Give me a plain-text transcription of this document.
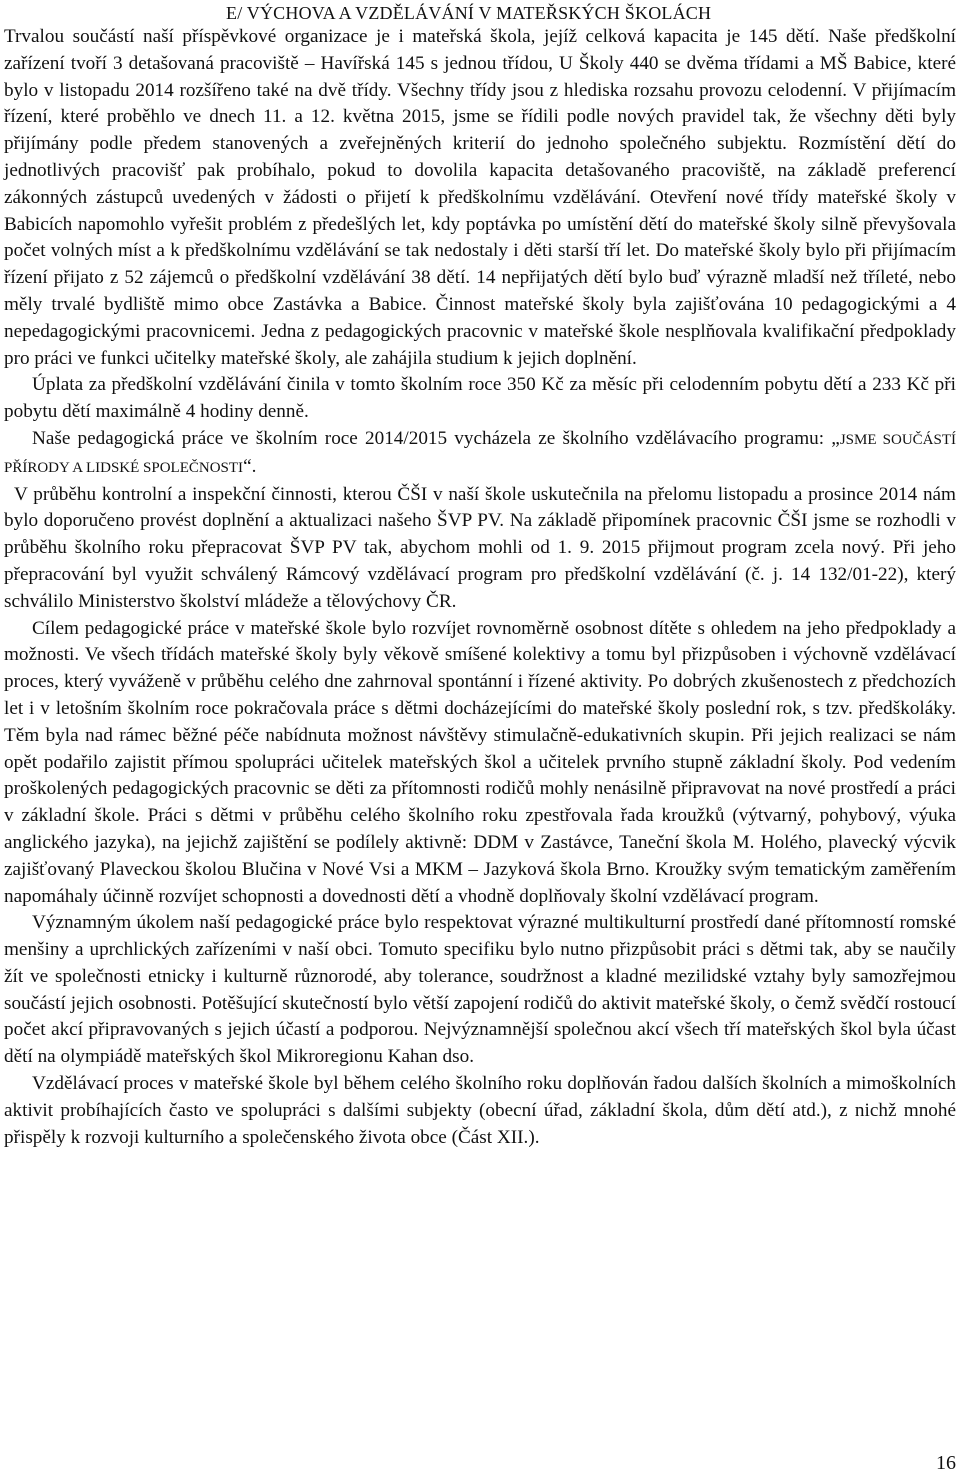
E/ VÝCHOVA A VZDĚLÁVÁNÍ V MATEŘSKÝCH ŠKOLÁCH

Trvalou součástí naší příspěvkové organizace je i mateřská škola, jejíž celková kapacita je 145 dětí. Naše předškolní zařízení tvoří 3 detašovaná pracoviště – Havířská 145 s jednou třídou, U Školy 440 se dvěma třídami a MŠ Babice, které bylo v listopadu 2014 rozšířeno také na dvě třídy. Všechny třídy jsou z hlediska rozsahu provozu celodenní. V přijímacím řízení, které proběhlo ve dnech 11. a 12. května 2015, jsme se řídili podle nových pravidel tak, že všechny děti byly přijímány podle předem stanovených a zveřejněných kriterií do jednoho společného subjektu. Rozmístění dětí do jednotlivých pracovišť pak probíhalo, pokud to dovolila kapacita detašovaného pracoviště, na základě preferencí zákonných zástupců uvedených v žádosti o přijetí k předškolnímu vzdělávání. Otevření nové třídy mateřské školy v Babicích napomohlo vyřešit problém z předešlých let, kdy poptávka po umístění dětí do mateřské školy silně převyšovala počet volných míst a k předškolnímu vzdělávání se tak nedostaly i děti starší tří let. Do mateřské školy bylo při přijímacím řízení přijato z 52 zájemců o předškolní vzdělávání 38 dětí. 14 nepřijatých dětí bylo buď výrazně mladší než tříleté, nebo měly trvalé bydliště mimo obce Zastávka a Babice. Činnost mateřské školy byla zajišťována 10 pedagogickými a 4 nepedagogickými pracovnicemi. Jedna z pedagogických pracovnic v mateřské škole nesplňovala kvalifikační předpoklady pro práci ve funkci učitelky mateřské školy, ale zahájila studium k jejich doplnění.

Úplata za předškolní vzdělávání činila v tomto školním roce 350 Kč za měsíc při celodenním pobytu dětí a 233 Kč při pobytu dětí maximálně 4 hodiny denně.

Naše pedagogická práce ve školním roce 2014/2015 vycházela ze školního vzdělávacího programu: „JSME SOUČÁSTÍ PŘÍRODY A LIDSKÉ SPOLEČNOSTI“.

V průběhu kontrolní a inspekční činnosti, kterou ČŠI v naší škole uskutečnila na přelomu listopadu a prosince 2014 nám bylo doporučeno provést doplnění a aktualizaci našeho ŠVP PV. Na základě připomínek pracovnic ČŠI jsme se rozhodli v průběhu školního roku přepracovat ŠVP PV tak, abychom mohli od 1. 9. 2015 přijmout program zcela nový. Při jeho přepracování byl využit schválený Rámcový vzdělávací program pro předškolní vzdělávání (č. j. 14 132/01-22), který schválilo Ministerstvo školství mládeže a tělovýchovy ČR.

Cílem pedagogické práce v mateřské škole bylo rozvíjet rovnoměrně osobnost dítěte s ohledem na jeho předpoklady a možnosti. Ve všech třídách mateřské školy byly věkově smíšené kolektivy a tomu byl přizpůsoben i výchovně vzdělávací proces, který vyváženě v průběhu celého dne zahrnoval spontánní i řízené aktivity. Po dobrých zkušenostech z předchozích let i v letošním školním roce pokračovala práce s dětmi docházejícími do mateřské školy poslední rok, s tzv. předškoláky. Těm byla nad rámec běžné péče nabídnuta možnost návštěvy stimulačně-edukativních skupin. Při jejich realizaci se nám opět podařilo zajistit přímou spolupráci učitelek mateřských škol a učitelek prvního stupně základní školy. Pod vedením proškolených pedagogických pracovnic se děti za přítomnosti rodičů mohly nenásilně připravovat na nové prostředí a práci v základní škole. Práci s dětmi v průběhu celého školního roku zpestřovala řada kroužků (výtvarný, pohybový, výuka anglického jazyka), na jejichž zajištění se podílely aktivně: DDM v Zastávce, Taneční škola M. Holého, plavecký výcvik zajišťovaný Plaveckou školou Blučina v Nové Vsi a MKM – Jazyková škola Brno. Kroužky svým tematickým zaměřením napomáhaly účinně rozvíjet schopnosti a dovednosti dětí a vhodně doplňovaly školní vzdělávací program.

Významným úkolem naší pedagogické práce bylo respektovat výrazné multikulturní prostředí dané přítomností romské menšiny a uprchlických zařízeními v naší obci. Tomuto specifiku bylo nutno přizpůsobit práci s dětmi tak, aby se naučily žít ve společnosti etnicky i kulturně různorodé, aby tolerance, soudržnost a kladné mezilidské vztahy byly samozřejmou součástí jejich osobnosti. Potěšující skutečností bylo větší zapojení rodičů do aktivit mateřské školy, o čemž svědčí rostoucí počet akcí připravovaných s jejich účastí a podporou. Nejvýznamnější společnou akcí všech tří mateřských škol byla účast dětí na olympiádě mateřských škol Mikroregionu Kahan dso.

Vzdělávací proces v mateřské škole byl během celého školního roku doplňován řadou dalších školních a mimoškolních aktivit probíhajících často ve spolupráci s dalšími subjekty (obecní úřad, základní škola, dům dětí atd.), z nichž mnohé přispěly k rozvoji kulturního a společenského života obce (Část XII.).

16
